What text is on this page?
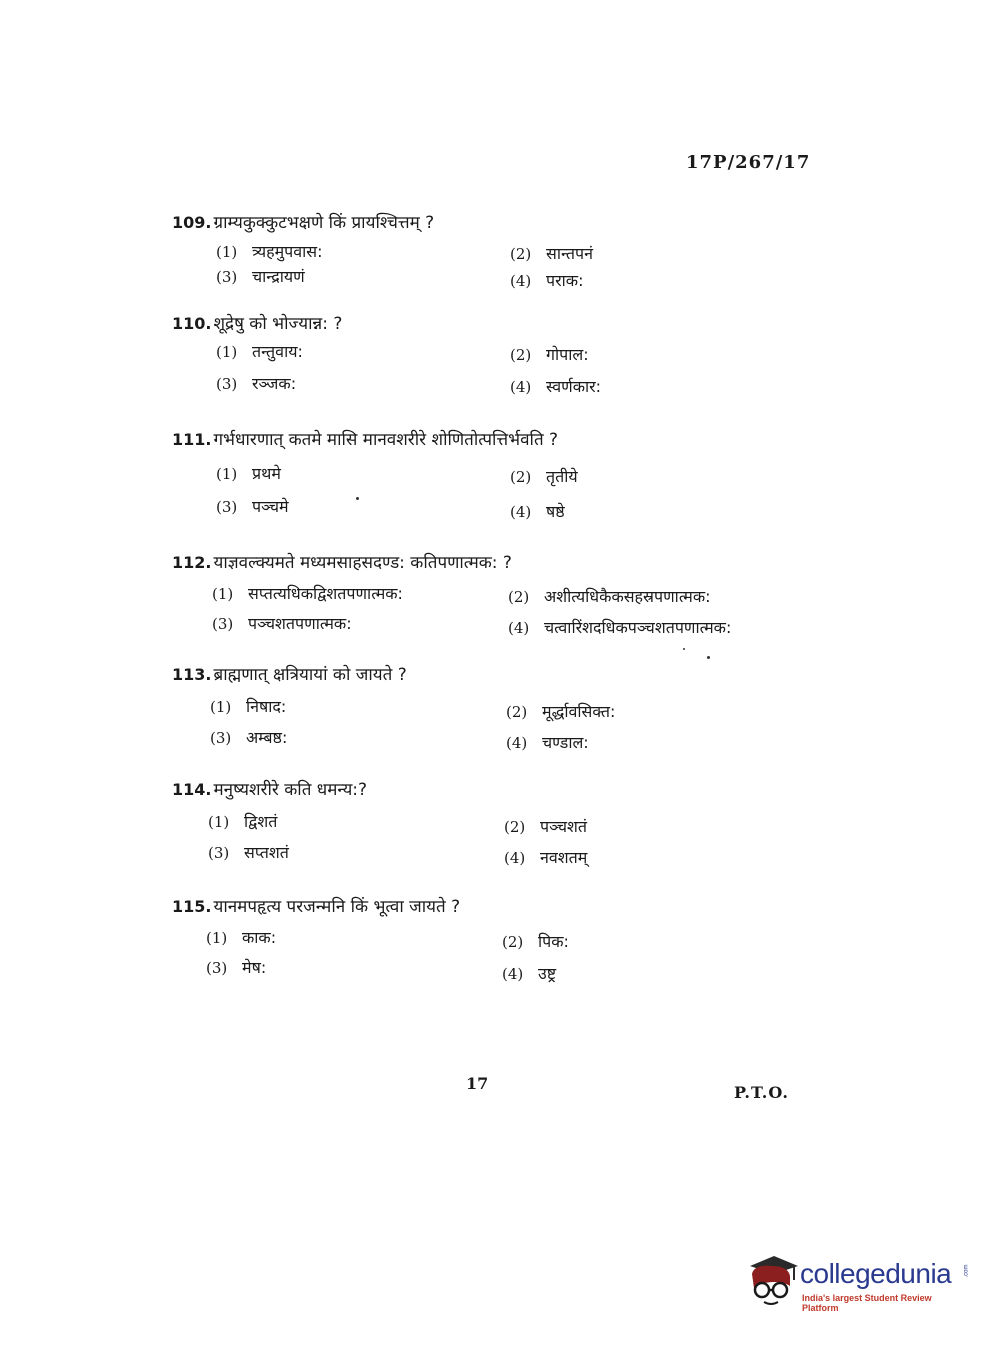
17P/267/17
109. ग्राम्यकुक्कुटभक्षणे किं प्रायश्चित्तम् ?
(1) त्र्यहमुपवास:	(2) सान्तपनं
(3) चान्द्रायणं	(4) पराक:
110. शूद्रेषु को भोज्यान्न: ?
(1) तन्तुवाय:	(2) गोपाल:
(3) रञ्जक:	(4) स्वर्णकार:
111. गर्भधारणात् कतमे मासि मानवशरीरे शोणितोत्पत्तिर्भवति ?
(1) प्रथमे	(2) तृतीये
(3) पञ्चमे	(4) षष्ठे
112. याज्ञवल्क्यमते मध्यमसाहसदण्ड: कतिपणात्मक: ?
(1) सप्तत्यधिकद्विशतपणात्मक:	(2) अशीत्यधिकैकसहस्रपणात्मक:
(3) पञ्चशतपणात्मक:	(4) चत्वारिंशदधिकपञ्चशतपणात्मक:
113. ब्राह्मणात् क्षत्रियायां को जायते ?
(1) निषाद:	(2) मूर्द्धावसिक्त:
(3) अम्बष्ठ:	(4) चण्डाल:
114. मनुष्यशरीरे कति धमन्य:?
(1) द्विशतं	(2) पञ्चशतं
(3) सप्तशतं	(4) नवशतम्
115. यानमपहृत्य परजन्मनि किं भूत्वा जायते ?
(1) काक:	(2) पिक:
(3) मेष:	(4) उष्ट्र
17	P.T.O.
collegedunia .com
India's largest Student Review Platform
